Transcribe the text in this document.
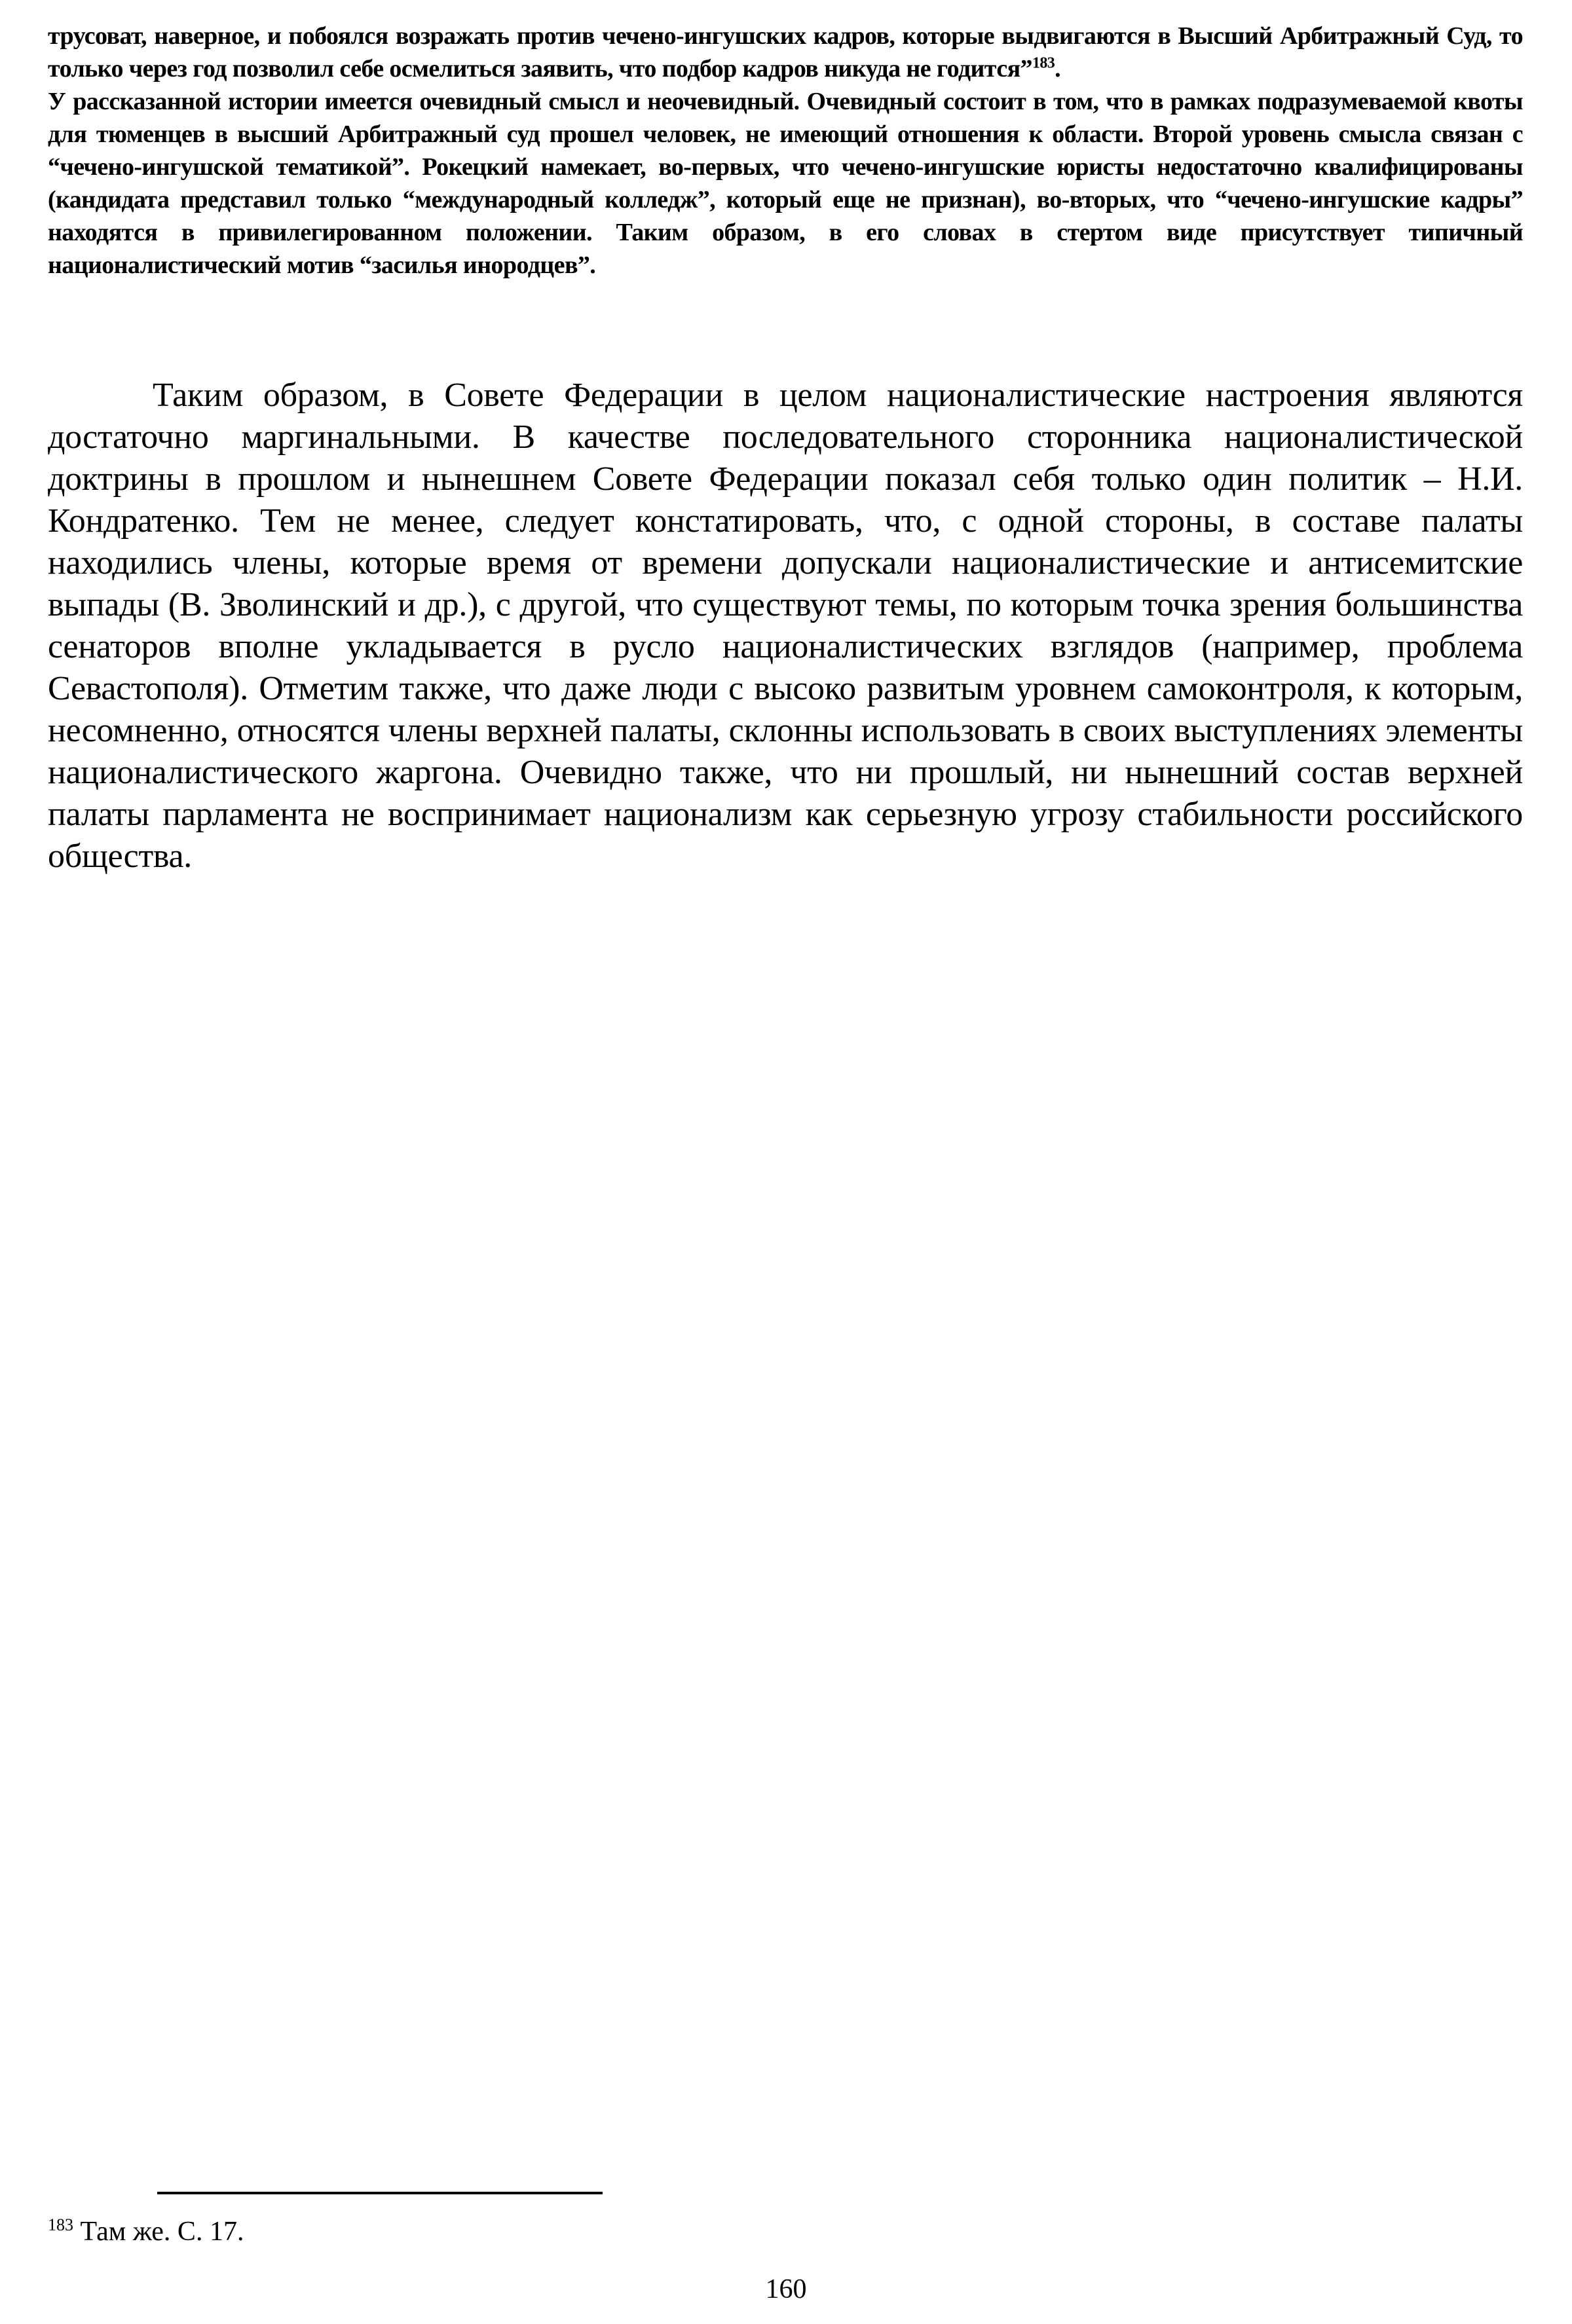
трусоват, наверное, и побоялся возражать против чечено-ингушских кадров, которые выдвигаются в Высший Арбитражный Суд, то только через год позволил себе осмелиться заявить, что подбор кадров никуда не годится”$^{183}$.

У рассказанной истории имеется очевидный смысл и неочевидный. Очевидный состоит в том, что в рамках подразумеваемой квоты для тюменцев в высший Арбитражный суд прошел человек, не имеющий отношения к области. Второй уровень смысла связан с “чечено-ингушской тематикой”. Рокецкий намекает, во-первых, что чечено-ингушские юристы недостаточно квалифицированы (кандидата представил только “международный колледж”, который еще не признан), во-вторых, что “чечено-ингушские кадры” находятся в привилегированном положении. Таким образом, в его словах в стертом виде присутствует типичный националистический мотив “засилья инородцев”.

Таким образом, в Совете Федерации в целом националистические настроения являются достаточно маргинальными. В качестве последовательного сторонника националистической доктрины в прошлом и нынешнем Совете Федерации показал себя только один политик – Н.И. Кондратенко. Тем не менее, следует констатировать, что, с одной стороны, в составе палаты находились члены, которые время от времени допускали националистические и антисемитские выпады (В. Зволинский и др.), с другой, что существуют темы, по которым точка зрения большинства сенаторов вполне укладывается в русло националистических взглядов (например, проблема Севастополя). Отметим также, что даже люди с высоко развитым уровнем самоконтроля, к которым, несомненно, относятся члены верхней палаты, склонны использовать в своих выступлениях элементы националистического жаргона. Очевидно также, что ни прошлый, ни нынешний состав верхней палаты парламента не воспринимает национализм как серьезную угрозу стабильности российского общества.

$^{183}$ Там же. С. 17.
160
